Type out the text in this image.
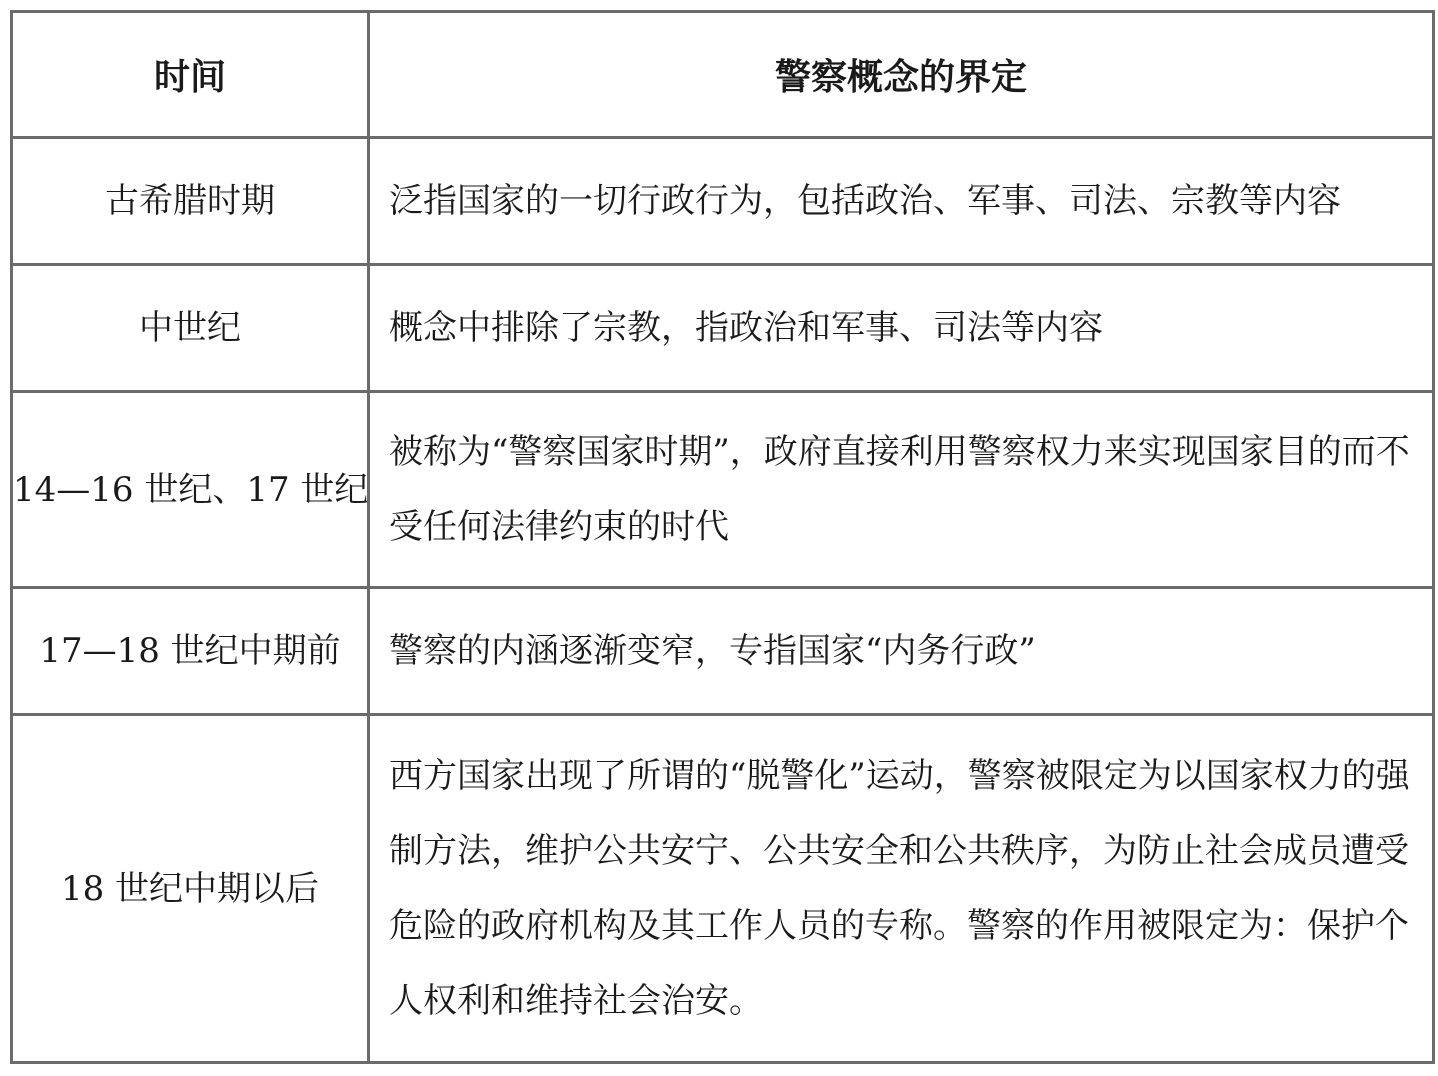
时间	警察概念的界定
古希腊时期	泛指国家的一切行政行为，包括政治、军事、司法、宗教等内容
中世纪	概念中排除了宗教，指政治和军事、司法等内容
14—16 世纪、17 世纪	被称为“警察国家时期”，政府直接利用警察权力来实现国家目的而不受任何法律约束的时代
17—18 世纪中期前	警察的内涵逐渐变窄，专指国家“内务行政”
18 世纪中期以后	西方国家出现了所谓的“脱警化”运动，警察被限定为以国家权力的强制方法，维护公共安宁、公共安全和公共秩序，为防止社会成员遭受危险的政府机构及其工作人员的专称。警察的作用被限定为：保护个人权利和维持社会治安。
